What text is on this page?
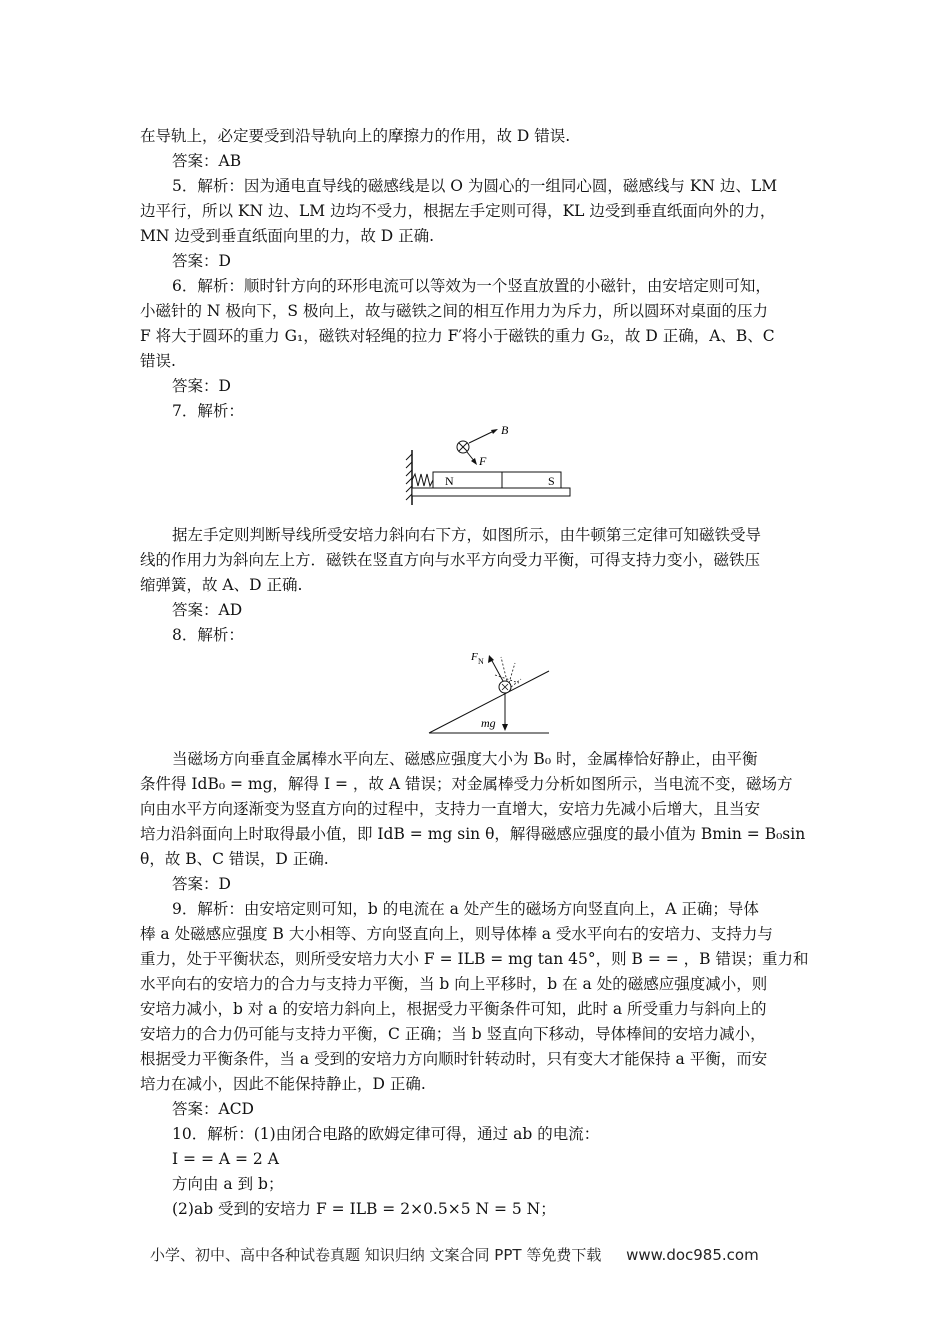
在导轨上，必定要受到沿导轨向上的摩擦力的作用，故 D 错误.
答案：AB
5．解析：因为通电直导线的磁感线是以 O 为圆心的一组同心圆，磁感线与 KN 边、LM
边平行，所以 KN 边、LM 边均不受力，根据左手定则可得，KL 边受到垂直纸面向外的力，
MN 边受到垂直纸面向里的力，故 D 正确.
答案：D
6．解析：顺时针方向的环形电流可以等效为一个竖直放置的小磁针，由安培定则可知，
小磁针的 N 极向下，S 极向上，故与磁铁之间的相互作用力为斥力，所以圆环对桌面的压力
F 将大于圆环的重力 G₁，磁铁对轻绳的拉力 F′将小于磁铁的重力 G₂，故 D 正确，A、B、C
错误.
答案：D
7．解析：
N	S
B
F
据左手定则判断导线所受安培力斜向右下方，如图所示，由牛顿第三定律可知磁铁受导
线的作用力为斜向左上方．磁铁在竖直方向与水平方向受力平衡，可得支持力变小，磁铁压
缩弹簧，故 A、D 正确.
答案：AD
8．解析：
mg
F N
当磁场方向垂直金属棒水平向左、磁感应强度大小为 B₀ 时，金属棒恰好静止，由平衡
条件得 IdB₀ = mg，解得 I = ，故 A 错误；对金属棒受力分析如图所示，当电流不变，磁场方
向由水平方向逐渐变为竖直方向的过程中，支持力一直增大，安培力先减小后增大，且当安
培力沿斜面向上时取得最小值，即 IdB = mg sin θ，解得磁感应强度的最小值为 Bmin = B₀sin
θ，故 B、C 错误，D 正确.
答案：D
9．解析：由安培定则可知，b 的电流在 a 处产生的磁场方向竖直向上，A 正确；导体
棒 a 处磁感应强度 B 大小相等、方向竖直向上，则导体棒 a 受水平向右的安培力、支持力与
重力，处于平衡状态，则所受安培力大小 F = ILB = mg tan 45°，则 B = = ，B 错误；重力和
水平向右的安培力的合力与支持力平衡，当 b 向上平移时，b 在 a 处的磁感应强度减小，则
安培力减小，b 对 a 的安培力斜向上，根据受力平衡条件可知，此时 a 所受重力与斜向上的
安培力的合力仍可能与支持力平衡，C 正确；当 b 竖直向下移动，导体棒间的安培力减小，
根据受力平衡条件，当 a 受到的安培力方向顺时针转动时，只有变大才能保持 a 平衡，而安
培力在减小，因此不能保持静止，D 正确.
答案：ACD
10．解析：(1)由闭合电路的欧姆定律可得，通过 ab 的电流：
I = = A = 2 A
方向由 a 到 b；
(2)ab 受到的安培力 F = ILB = 2×0.5×5 N = 5 N；
小学、初中、高中各种试卷真题 知识归纳 文案合同 PPT 等免费下载 www.doc985.com
